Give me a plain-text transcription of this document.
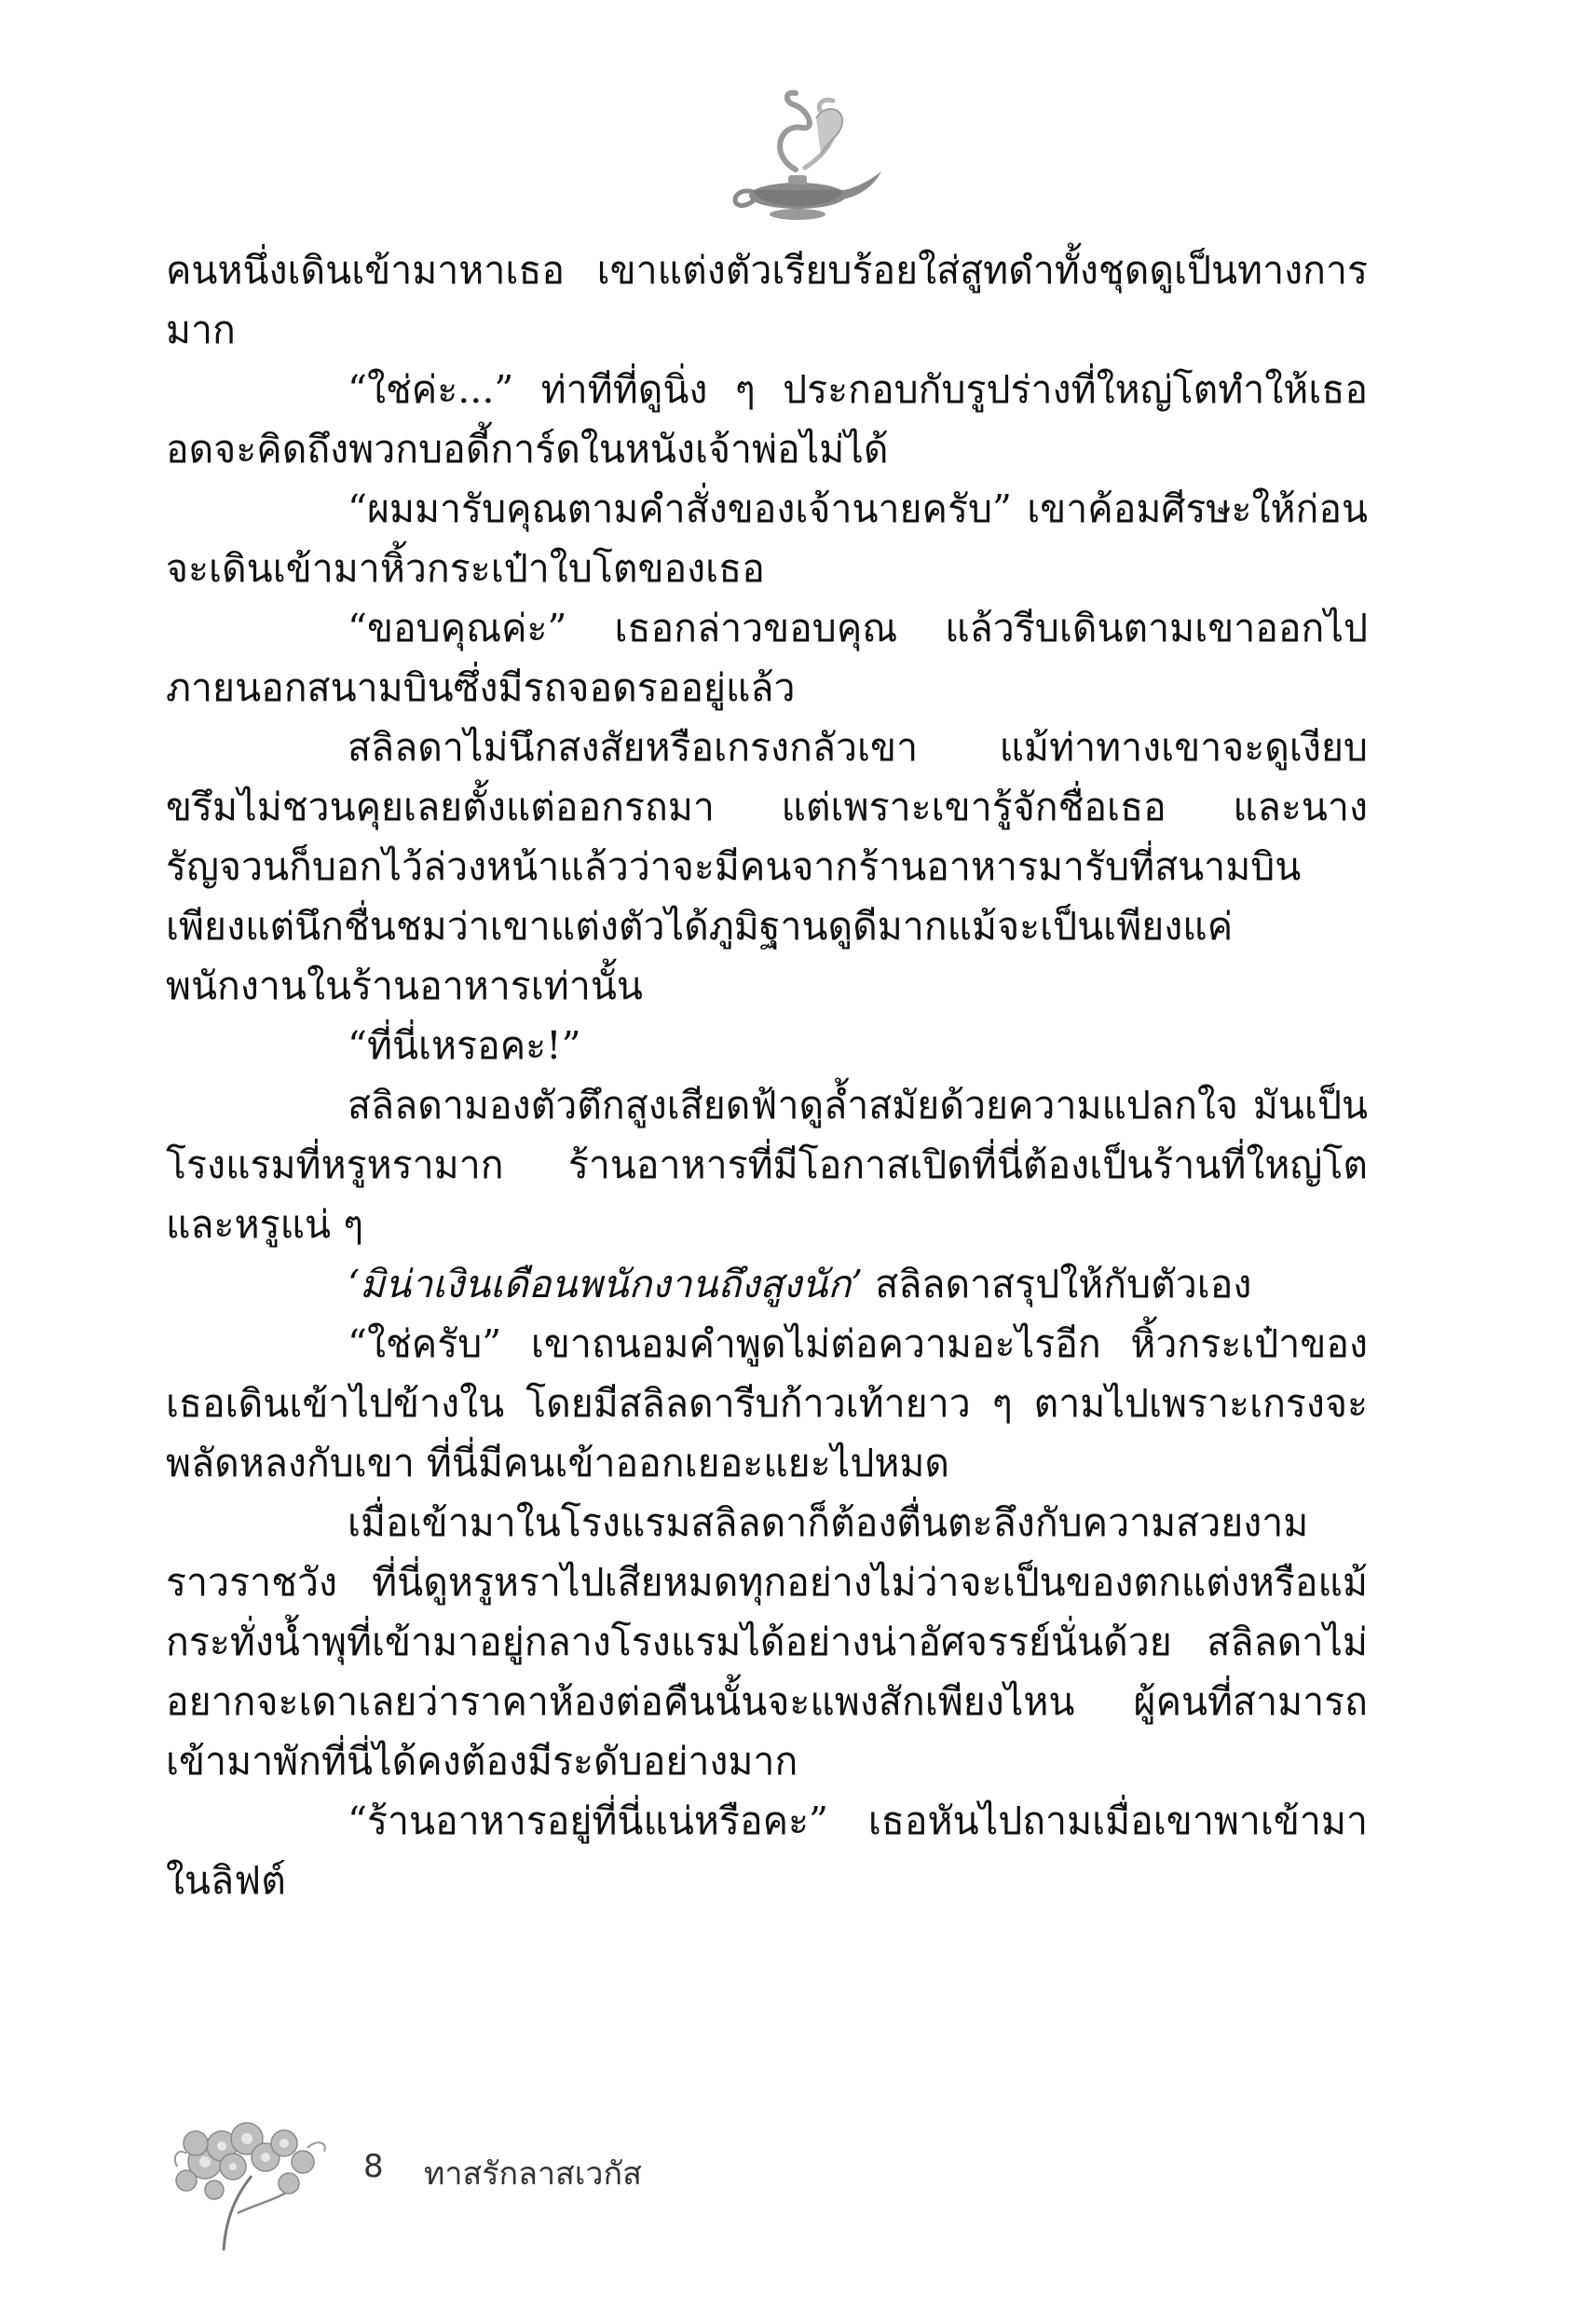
คนหนึ่งเดินเข้ามาหาเธอ เขาแต่งตัวเรียบร้อยใส่สูทดำทั้งชุดดูเป็นทางการมาก

“ใช่ค่ะ...” ท่าทีที่ดูนิ่ง ๆ ประกอบกับรูปร่างที่ใหญ่โตทำให้เธออดจะคิดถึงพวกบอดี้การ์ดในหนังเจ้าพ่อไม่ได้

“ผมมารับคุณตามคำสั่งของเจ้านายครับ” เขาค้อมศีรษะให้ก่อนจะเดินเข้ามาหิ้วกระเป๋าใบโตของเธอ

“ขอบคุณค่ะ” เธอกล่าวขอบคุณ แล้วรีบเดินตามเขาออกไปภายนอกสนามบินซึ่งมีรถจอดรออยู่แล้ว

สลิลดาไม่นึกสงสัยหรือเกรงกลัวเขา แม้ท่าทางเขาจะดูเงียบขรึมไม่ชวนคุยเลยตั้งแต่ออกรถมา แต่เพราะเขารู้จักชื่อเธอ และนางรัญจวนก็บอกไว้ล่วงหน้าแล้วว่าจะมีคนจากร้านอาหารมารับที่สนามบิน เพียงแต่นึกชื่นชมว่าเขาแต่งตัวได้ภูมิฐานดูดีมากแม้จะเป็นเพียงแค่พนักงานในร้านอาหารเท่านั้น

“ที่นี่เหรอคะ!”

สลิลดามองตัวตึกสูงเสียดฟ้าดูล้ำสมัยด้วยความแปลกใจ มันเป็นโรงแรมที่หรูหรามาก ร้านอาหารที่มีโอกาสเปิดที่นี่ต้องเป็นร้านที่ใหญ่โตและหรูแน่ ๆ

‘มิน่าเงินเดือนพนักงานถึงสูงนัก’ สลิลดาสรุปให้กับตัวเอง

“ใช่ครับ” เขาถนอมคำพูดไม่ต่อความอะไรอีก หิ้วกระเป๋าของเธอเดินเข้าไปข้างใน โดยมีสลิลดารีบก้าวเท้ายาว ๆ ตามไปเพราะเกรงจะพลัดหลงกับเขา ที่นี่มีคนเข้าออกเยอะแยะไปหมด

เมื่อเข้ามาในโรงแรมสลิลดาก็ต้องตื่นตะลึงกับความสวยงามราวราชวัง ที่นี่ดูหรูหราไปเสียหมดทุกอย่างไม่ว่าจะเป็นของตกแต่งหรือแม้กระทั่งน้ำพุที่เข้ามาอยู่กลางโรงแรมได้อย่างน่าอัศจรรย์นั่นด้วย สลิลดาไม่อยากจะเดาเลยว่าราคาห้องต่อคืนนั้นจะแพงสักเพียงไหน ผู้คนที่สามารถเข้ามาพักที่นี่ได้คงต้องมีระดับอย่างมาก

“ร้านอาหารอยู่ที่นี่แน่หรือคะ” เธอหันไปถามเมื่อเขาพาเข้ามาในลิฟต์

8 ทาสรักลาสเวกัส
